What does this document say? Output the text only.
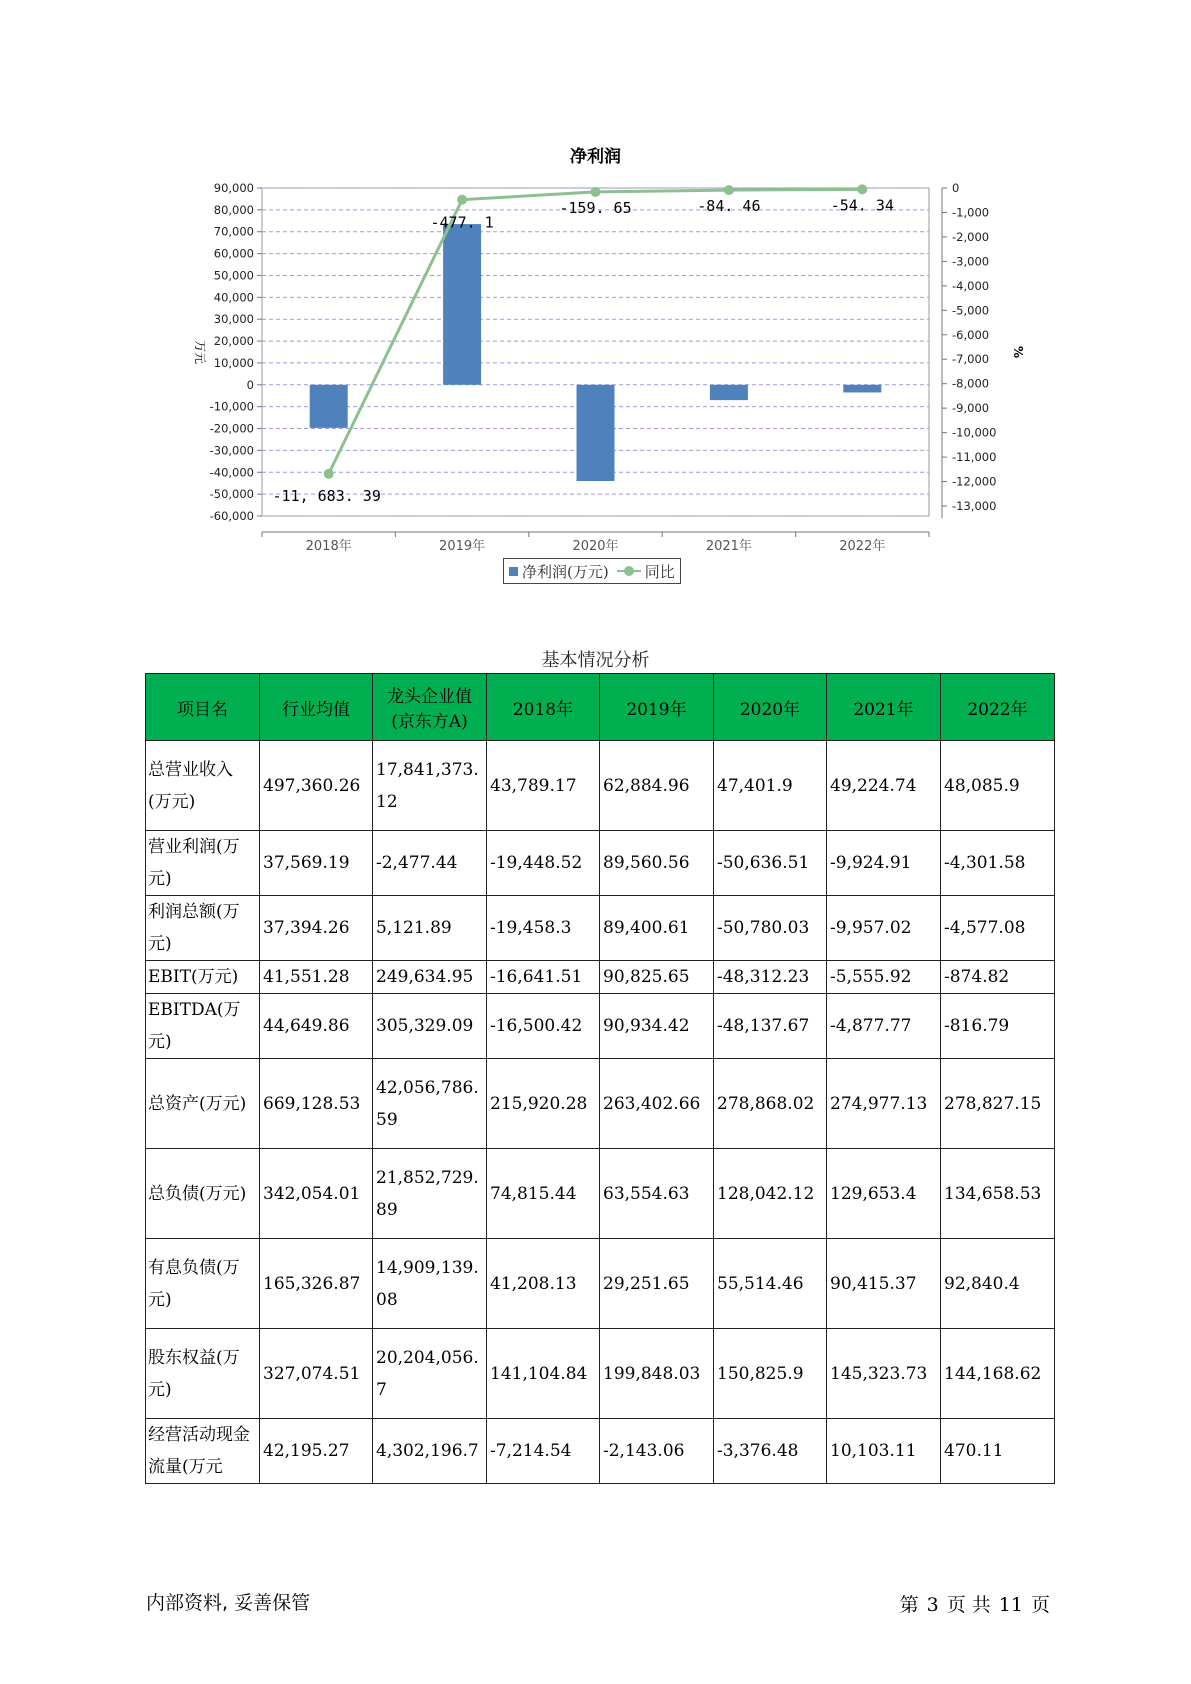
净利润
90,000
80,000
70,000
60,000
50,000
40,000
30,000
20,000
10,000
0
-10,000
-20,000
-30,000
-40,000
-50,000
-60,000
0
-1,000
-2,000
-3,000
-4,000
-5,000
-6,000
-7,000
-8,000
-9,000
-10,000
-11,000
-12,000
-13,000
2018年	2019年	2020年	2021年	2022年
万元	%
-11, 683. 39
-477. 1
-159. 65	-84. 46	-54. 34
净利润(万元) 同比
基本情况分析
项目名	行业均值	龙头企业值(京东方A)	2018年	2019年	2020年	2021年	2022年
总营业收入(万元)	497,360.26	17,841,373.12	43,789.17	62,884.96	47,401.9	49,224.74	48,085.9
营业利润(万元)	37,569.19	-2,477.44	-19,448.52	89,560.56	-50,636.51	-9,924.91	-4,301.58
利润总额(万元)	37,394.26	5,121.89	-19,458.3	89,400.61	-50,780.03	-9,957.02	-4,577.08
EBIT(万元)	41,551.28	249,634.95	-16,641.51	90,825.65	-48,312.23	-5,555.92	-874.82
EBITDA(万元)	44,649.86	305,329.09	-16,500.42	90,934.42	-48,137.67	-4,877.77	-816.79
总资产(万元)	669,128.53	42,056,786.59	215,920.28	263,402.66	278,868.02	274,977.13	278,827.15
总负债(万元)	342,054.01	21,852,729.89	74,815.44	63,554.63	128,042.12	129,653.4	134,658.53
有息负债(万元)	165,326.87	14,909,139.08	41,208.13	29,251.65	55,514.46	90,415.37	92,840.4
股东权益(万元)	327,074.51	20,204,056.7	141,104.84	199,848.03	150,825.9	145,323.73	144,168.62
经营活动现金流量(万元	42,195.27	4,302,196.7	-7,214.54	-2,143.06	-3,376.48	10,103.11	470.11
内部资料, 妥善保管	第 3 页 共 11 页
